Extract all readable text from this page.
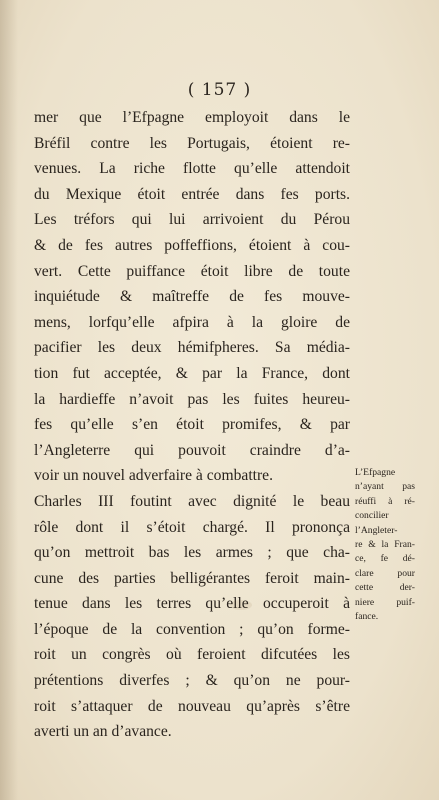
( 157 )

mer que l’Efpagne employoit dans le
Bréfil contre les Portugais, étoient re-
venues. La riche flotte qu’elle attendoit
du Mexique étoit entrée dans fes ports.
Les tréfors qui lui arrivoient du Pérou
& de fes autres poffeffions, étoient à cou-
vert. Cette puiffance étoit libre de toute
inquiétude & maîtreffe de fes mouve-
mens, lorfqu’elle afpira à la gloire de
pacifier les deux hémifpheres. Sa média-
tion fut acceptée, & par la France, dont
la hardieffe n’avoit pas les fuites heureu-
fes qu’elle s’en étoit promifes, & par
l’Angleterre qui pouvoit craindre d’a-
voir un nouvel adverfaire à combattre.
Charles III foutint avec dignité le beau
rôle dont il s’étoit chargé. Il prononça
qu’on mettroit bas les armes ; que cha-
cune des parties belligérantes feroit main-
tenue dans les terres qu’elle occuperoit à
l’époque de la convention ; qu’on forme-
roit un congrès où feroient difcutées les
prétentions diverfes ; & qu’on ne pour-
roit s’attaquer de nouveau qu’après s’être
averti un an d’avance.
L’Efpagne
n’ayant pas
réuffi à ré-
concilier
l’Angleter-
re & la Fran-
ce, fe dé-
clare pour
cette der-
niere puif-
fance.
